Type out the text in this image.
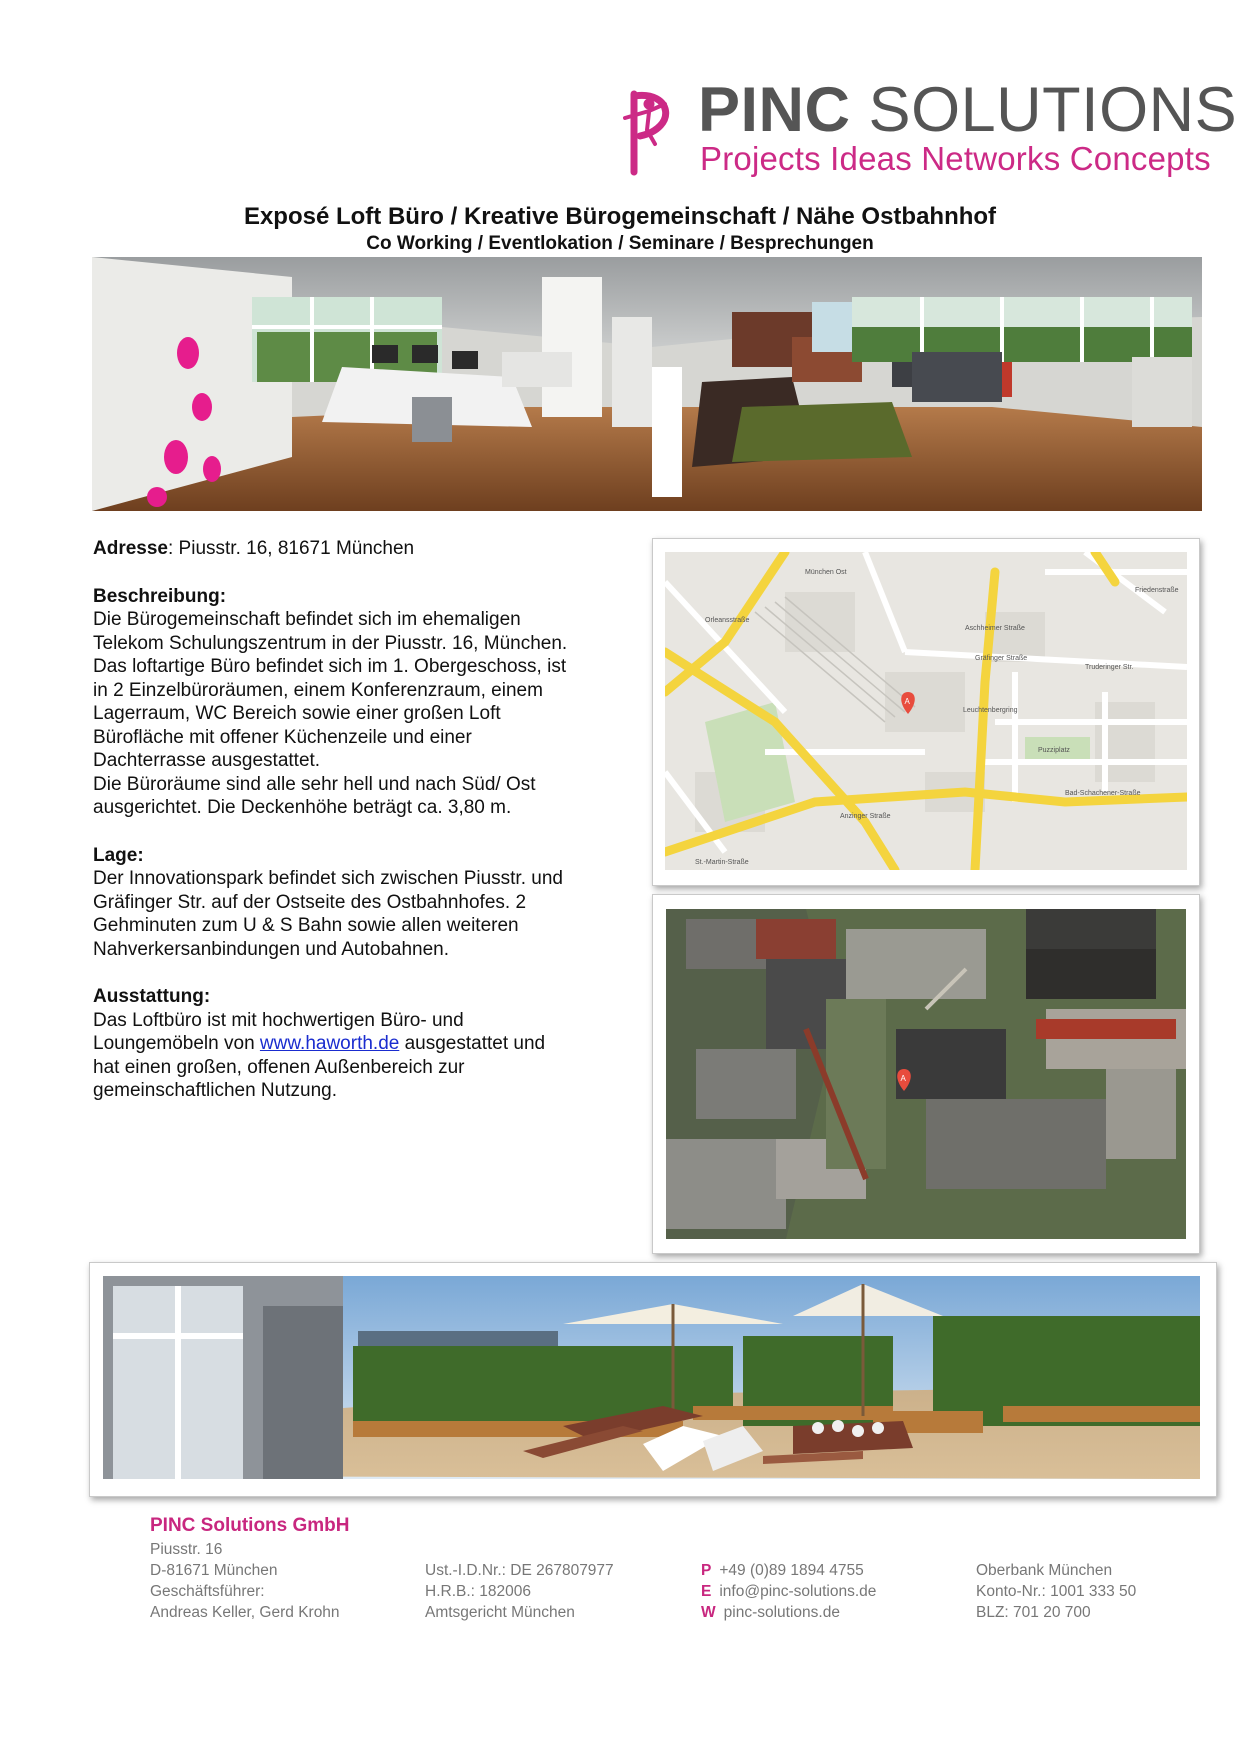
PINC SOLUTIONS
Projects Ideas Networks Concepts
Exposé Loft Büro / Kreative Bürogemeinschaft / Nähe Ostbahnhof
Co Working / Eventlokation / Seminare / Besprechungen

Adresse: Piusstr. 16, 81671 München

Beschreibung:

Die Bürogemeinschaft befindet sich im ehemaligen

Telekom Schulungszentrum in der Piusstr. 16, München.

Das loftartige Büro befindet sich im 1. Obergeschoss, ist

in 2 Einzelbüroräumen, einem Konferenzraum, einem

Lagerraum, WC Bereich sowie einer großen Loft

Bürofläche mit offener Küchenzeile und einer

Dachterrasse ausgestattet.

Die Büroräume sind alle sehr hell und nach Süd/ Ost

ausgerichtet. Die Deckenhöhe beträgt ca. 3,80 m.

Lage:

Der Innovationspark befindet sich zwischen Piusstr. und

Gräfinger Str. auf der Ostseite des Ostbahnhofes. 2

Gehminuten zum U & S Bahn sowie allen weiteren

Nahverkersanbindungen und Autobahnen.

Ausstattung:

Das Loftbüro ist mit hochwertigen Büro- und

Loungemöbeln von www.haworth.de ausgestattet und

hat einen großen, offenen Außenbereich zur

gemeinschaftlichen Nutzung.

Gräfinger Straße
Anzinger Straße
St.-Martin-Straße
Orleansstraße
Aschheimer Straße
Friedenstraße
Bad-Schachener-Straße
Leuchtenbergring
Truderinger Str.
Puzziplatz
München Ost
A
A
PINC Solutions GmbH
Piusstr. 16
D-81671 München
Geschäftsführer:
Andreas Keller, Gerd Krohn
Ust.-I.D.Nr.: DE 267807977
H.R.B.: 182006
Amtsgericht München
P +49 (0)89 1894 4755
E info@pinc-solutions.de
W pinc-solutions.de
Oberbank München
Konto-Nr.: 1001 333 50
BLZ: 701 20 700
